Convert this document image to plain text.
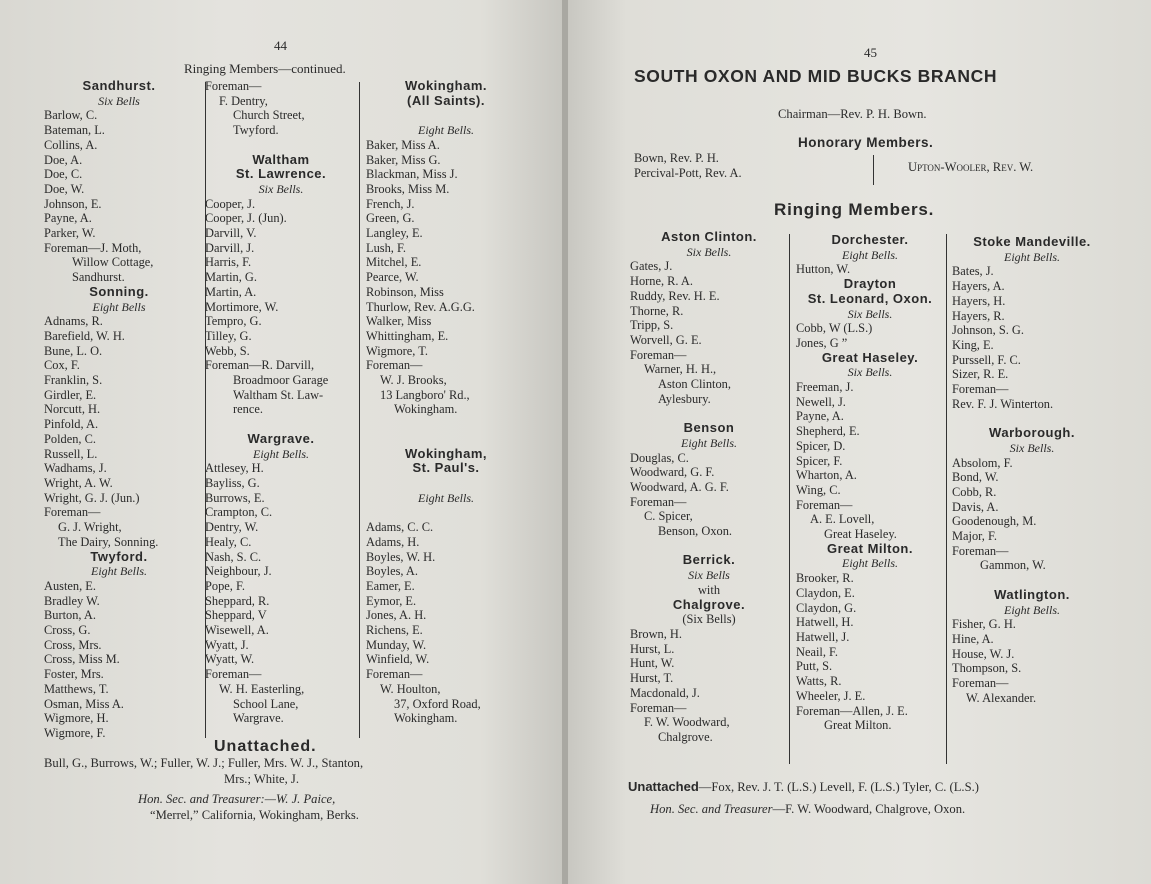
44
Ringing Members—continued.
Sandhurst.
Six Bells
Barlow, C.
Bateman, L.
Collins, A.
Doe, A.
Doe, C.
Doe, W.
Johnson, E.
Payne, A.
Parker, W.
Foreman—J. Moth,
Willow Cottage,
Sandhurst.
Sonning.
Eight Bells
Adnams, R.
Barefield, W. H.
Bune, L. O.
Cox, F.
Franklin, S.
Girdler, E.
Norcutt, H.
Pinfold, A.
Polden, C.
Russell, L.
Wadhams, J.
Wright, A. W.
Wright, G. J. (Jun.)
Foreman—
G. J. Wright,
The Dairy, Sonning.
Twyford.
Eight Bells.
Austen, E.
Bradley W.
Burton, A.
Cross, G.
Cross, Mrs.
Cross, Miss M.
Foster, Mrs.
Matthews, T.
Osman, Miss A.
Wigmore, H.
Wigmore, F.
Foreman—
F. Dentry,
Church Street,
Twyford.

Waltham
St. Lawrence.
Six Bells.
Cooper, J.
Cooper, J. (Jun).
Darvill, V.
Darvill, J.
Harris, F.
Martin, G.
Martin, A.
Mortimore, W.
Tempro, G.
Tilley, G.
Webb, S.
Foreman—R. Darvill,
Broadmoor Garage
Waltham St. Law-
rence.

Wargrave.
Eight Bells.
Attlesey, H.
Bayliss, G.
Burrows, E.
Crampton, C.
Dentry, W.
Healy, C.
Nash, S. C.
Neighbour, J.
Pope, F.
Sheppard, R.
Sheppard, V
Wisewell, A.
Wyatt, J.
Wyatt, W.
Foreman—
W. H. Easterling,
School Lane,
Wargrave.
Wokingham.
(All Saints).

Eight Bells.
Baker, Miss A.
Baker, Miss G.
Blackman, Miss J.
Brooks, Miss M.
French, J.
Green, G.
Langley, E.
Lush, F.
Mitchel, E.
Pearce, W.
Robinson, Miss
Thurlow, Rev. A.G.G.
Walker, Miss
Whittingham, E.
Wigmore, T.
Foreman—
W. J. Brooks,
13 Langboro' Rd.,
Wokingham.

Wokingham,
St. Paul's.

Eight Bells.

Adams, C. C.
Adams, H.
Boyles, W. H.
Boyles, A.
Eamer, E.
Eymor, E.
Jones, A. H.
Richens, E.
Munday, W.
Winfield, W.
Foreman—
W. Houlton,
37, Oxford Road,
Wokingham.
Unattached.
Bull, G., Burrows, W.; Fuller, W. J.; Fuller, Mrs. W. J., Stanton,
Mrs.; White, J.
Hon. Sec. and Treasurer:—W. J. Paice,
“Merrel,” California, Wokingham, Berks.
45
SOUTH OXON AND MID BUCKS BRANCH
Chairman—Rev. P. H. Bown.
Honorary Members.
Bown, Rev. P. H.
Percival-Pott, Rev. A.	Upton-Wooler, Rev. W.
Ringing Members.
Aston Clinton.
Six Bells.
Gates, J.
Horne, R. A.
Ruddy, Rev. H. E.
Thorne, R.
Tripp, S.
Worvell, G. E.
Foreman—
Warner, H. H.,
Aston Clinton,
Aylesbury.

Benson
Eight Bells.
Douglas, C.
Woodward, G. F.
Woodward, A. G. F.
Foreman—
C. Spicer,
Benson, Oxon.

Berrick.
Six Bells
with
Chalgrove.
(Six Bells)
Brown, H.
Hurst, L.
Hunt, W.
Hurst, T.
Macdonald, J.
Foreman—
F. W. Woodward,
Chalgrove.
Dorchester.
Eight Bells.
Hutton, W.
Drayton
St. Leonard, Oxon.
Six Bells.
Cobb, W (L.S.)
Jones, G ”
Great Haseley.
Six Bells.
Freeman, J.
Newell, J.
Payne, A.
Shepherd, E.
Spicer, D.
Spicer, F.
Wharton, A.
Wing, C.
Foreman—
A. E. Lovell,
Great Haseley.
Great Milton.
Eight Bells.
Brooker, R.
Claydon, E.
Claydon, G.
Hatwell, H.
Hatwell, J.
Neail, F.
Putt, S.
Watts, R.
Wheeler, J. E.
Foreman—Allen, J. E.
Great Milton.
Stoke Mandeville.
Eight Bells.
Bates, J.
Hayers, A.
Hayers, H.
Hayers, R.
Johnson, S. G.
King, E.
Purssell, F. C.
Sizer, R. E.
Foreman—
Rev. F. J. Winterton.

Warborough.
Six Bells.
Absolom, F.
Bond, W.
Cobb, R.
Davis, A.
Goodenough, M.
Major, F.
Foreman—
Gammon, W.

Watlington.
Eight Bells.
Fisher, G. H.
Hine, A.
House, W. J.
Thompson, S.
Foreman—
W. Alexander.
Unattached—Fox, Rev. J. T. (L.S.) Levell, F. (L.S.) Tyler, C. (L.S.)
Hon. Sec. and Treasurer—F. W. Woodward, Chalgrove, Oxon.
